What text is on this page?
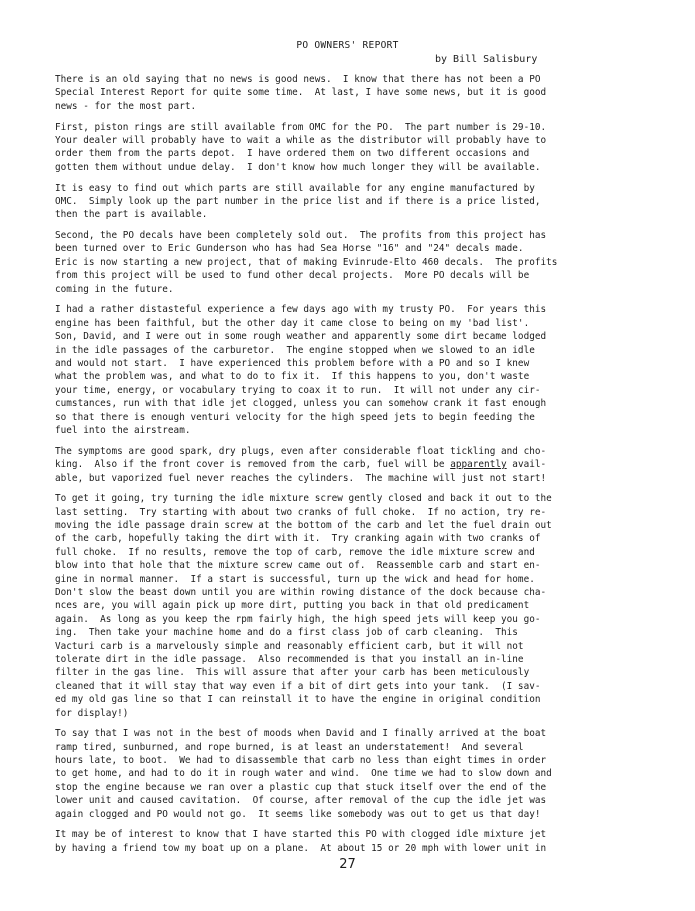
PO OWNERS' REPORT
by Bill Salisbury
There is an old saying that no news is good news.  I know that there has not been a PO
Special Interest Report for quite some time.  At last, I have some news, but it is good
news - for the most part.
First, piston rings are still available from OMC for the PO.  The part number is 29-10.
Your dealer will probably have to wait a while as the distributor will probably have to
order them from the parts depot.  I have ordered them on two different occasions and
gotten them without undue delay.  I don't know how much longer they will be available.
It is easy to find out which parts are still available for any engine manufactured by
OMC.  Simply look up the part number in the price list and if there is a price listed,
then the part is available.
Second, the PO decals have been completely sold out.  The profits from this project has
been turned over to Eric Gunderson who has had Sea Horse "16" and "24" decals made.
Eric is now starting a new project, that of making Evinrude-Elto 460 decals.  The profits
from this project will be used to fund other decal projects.  More PO decals will be
coming in the future.
I had a rather distasteful experience a few days ago with my trusty PO.  For years this
engine has been faithful, but the other day it came close to being on my 'bad list'.
Son, David, and I were out in some rough weather and apparently some dirt became lodged
in the idle passages of the carburetor.  The engine stopped when we slowed to an idle
and would not start.  I have experienced this problem before with a PO and so I knew
what the problem was, and what to do to fix it.  If this happens to you, don't waste
your time, energy, or vocabulary trying to coax it to run.  It will not under any cir-
cumstances, run with that idle jet clogged, unless you can somehow crank it fast enough
so that there is enough venturi velocity for the high speed jets to begin feeding the
fuel into the airstream.
The symptoms are good spark, dry plugs, even after considerable float tickling and cho-
king.  Also if the front cover is removed from the carb, fuel will be apparently avail-
able, but vaporized fuel never reaches the cylinders.  The machine will just not start!
To get it going, try turning the idle mixture screw gently closed and back it out to the
last setting.  Try starting with about two cranks of full choke.  If no action, try re-
moving the idle passage drain screw at the bottom of the carb and let the fuel drain out
of the carb, hopefully taking the dirt with it.  Try cranking again with two cranks of
full choke.  If no results, remove the top of carb, remove the idle mixture screw and
blow into that hole that the mixture screw came out of.  Reassemble carb and start en-
gine in normal manner.  If a start is successful, turn up the wick and head for home.
Don't slow the beast down until you are within rowing distance of the dock because cha-
nces are, you will again pick up more dirt, putting you back in that old predicament
again.  As long as you keep the rpm fairly high, the high speed jets will keep you go-
ing.  Then take your machine home and do a first class job of carb cleaning.  This
Vacturi carb is a marvelously simple and reasonably efficient carb, but it will not
tolerate dirt in the idle passage.  Also recommended is that you install an in-line
filter in the gas line.  This will assure that after your carb has been meticulously
cleaned that it will stay that way even if a bit of dirt gets into your tank.  (I sav-
ed my old gas line so that I can reinstall it to have the engine in original condition
for display!)
To say that I was not in the best of moods when David and I finally arrived at the boat
ramp tired, sunburned, and rope burned, is at least an understatement!  And several
hours late, to boot.  We had to disassemble that carb no less than eight times in order
to get home, and had to do it in rough water and wind.  One time we had to slow down and
stop the engine because we ran over a plastic cup that stuck itself over the end of the
lower unit and caused cavitation.  Of course, after removal of the cup the idle jet was
again clogged and PO would not go.  It seems like somebody was out to get us that day!
It may be of interest to know that I have started this PO with clogged idle mixture jet
by having a friend tow my boat up on a plane.  At about 15 or 20 mph with lower unit in
27
